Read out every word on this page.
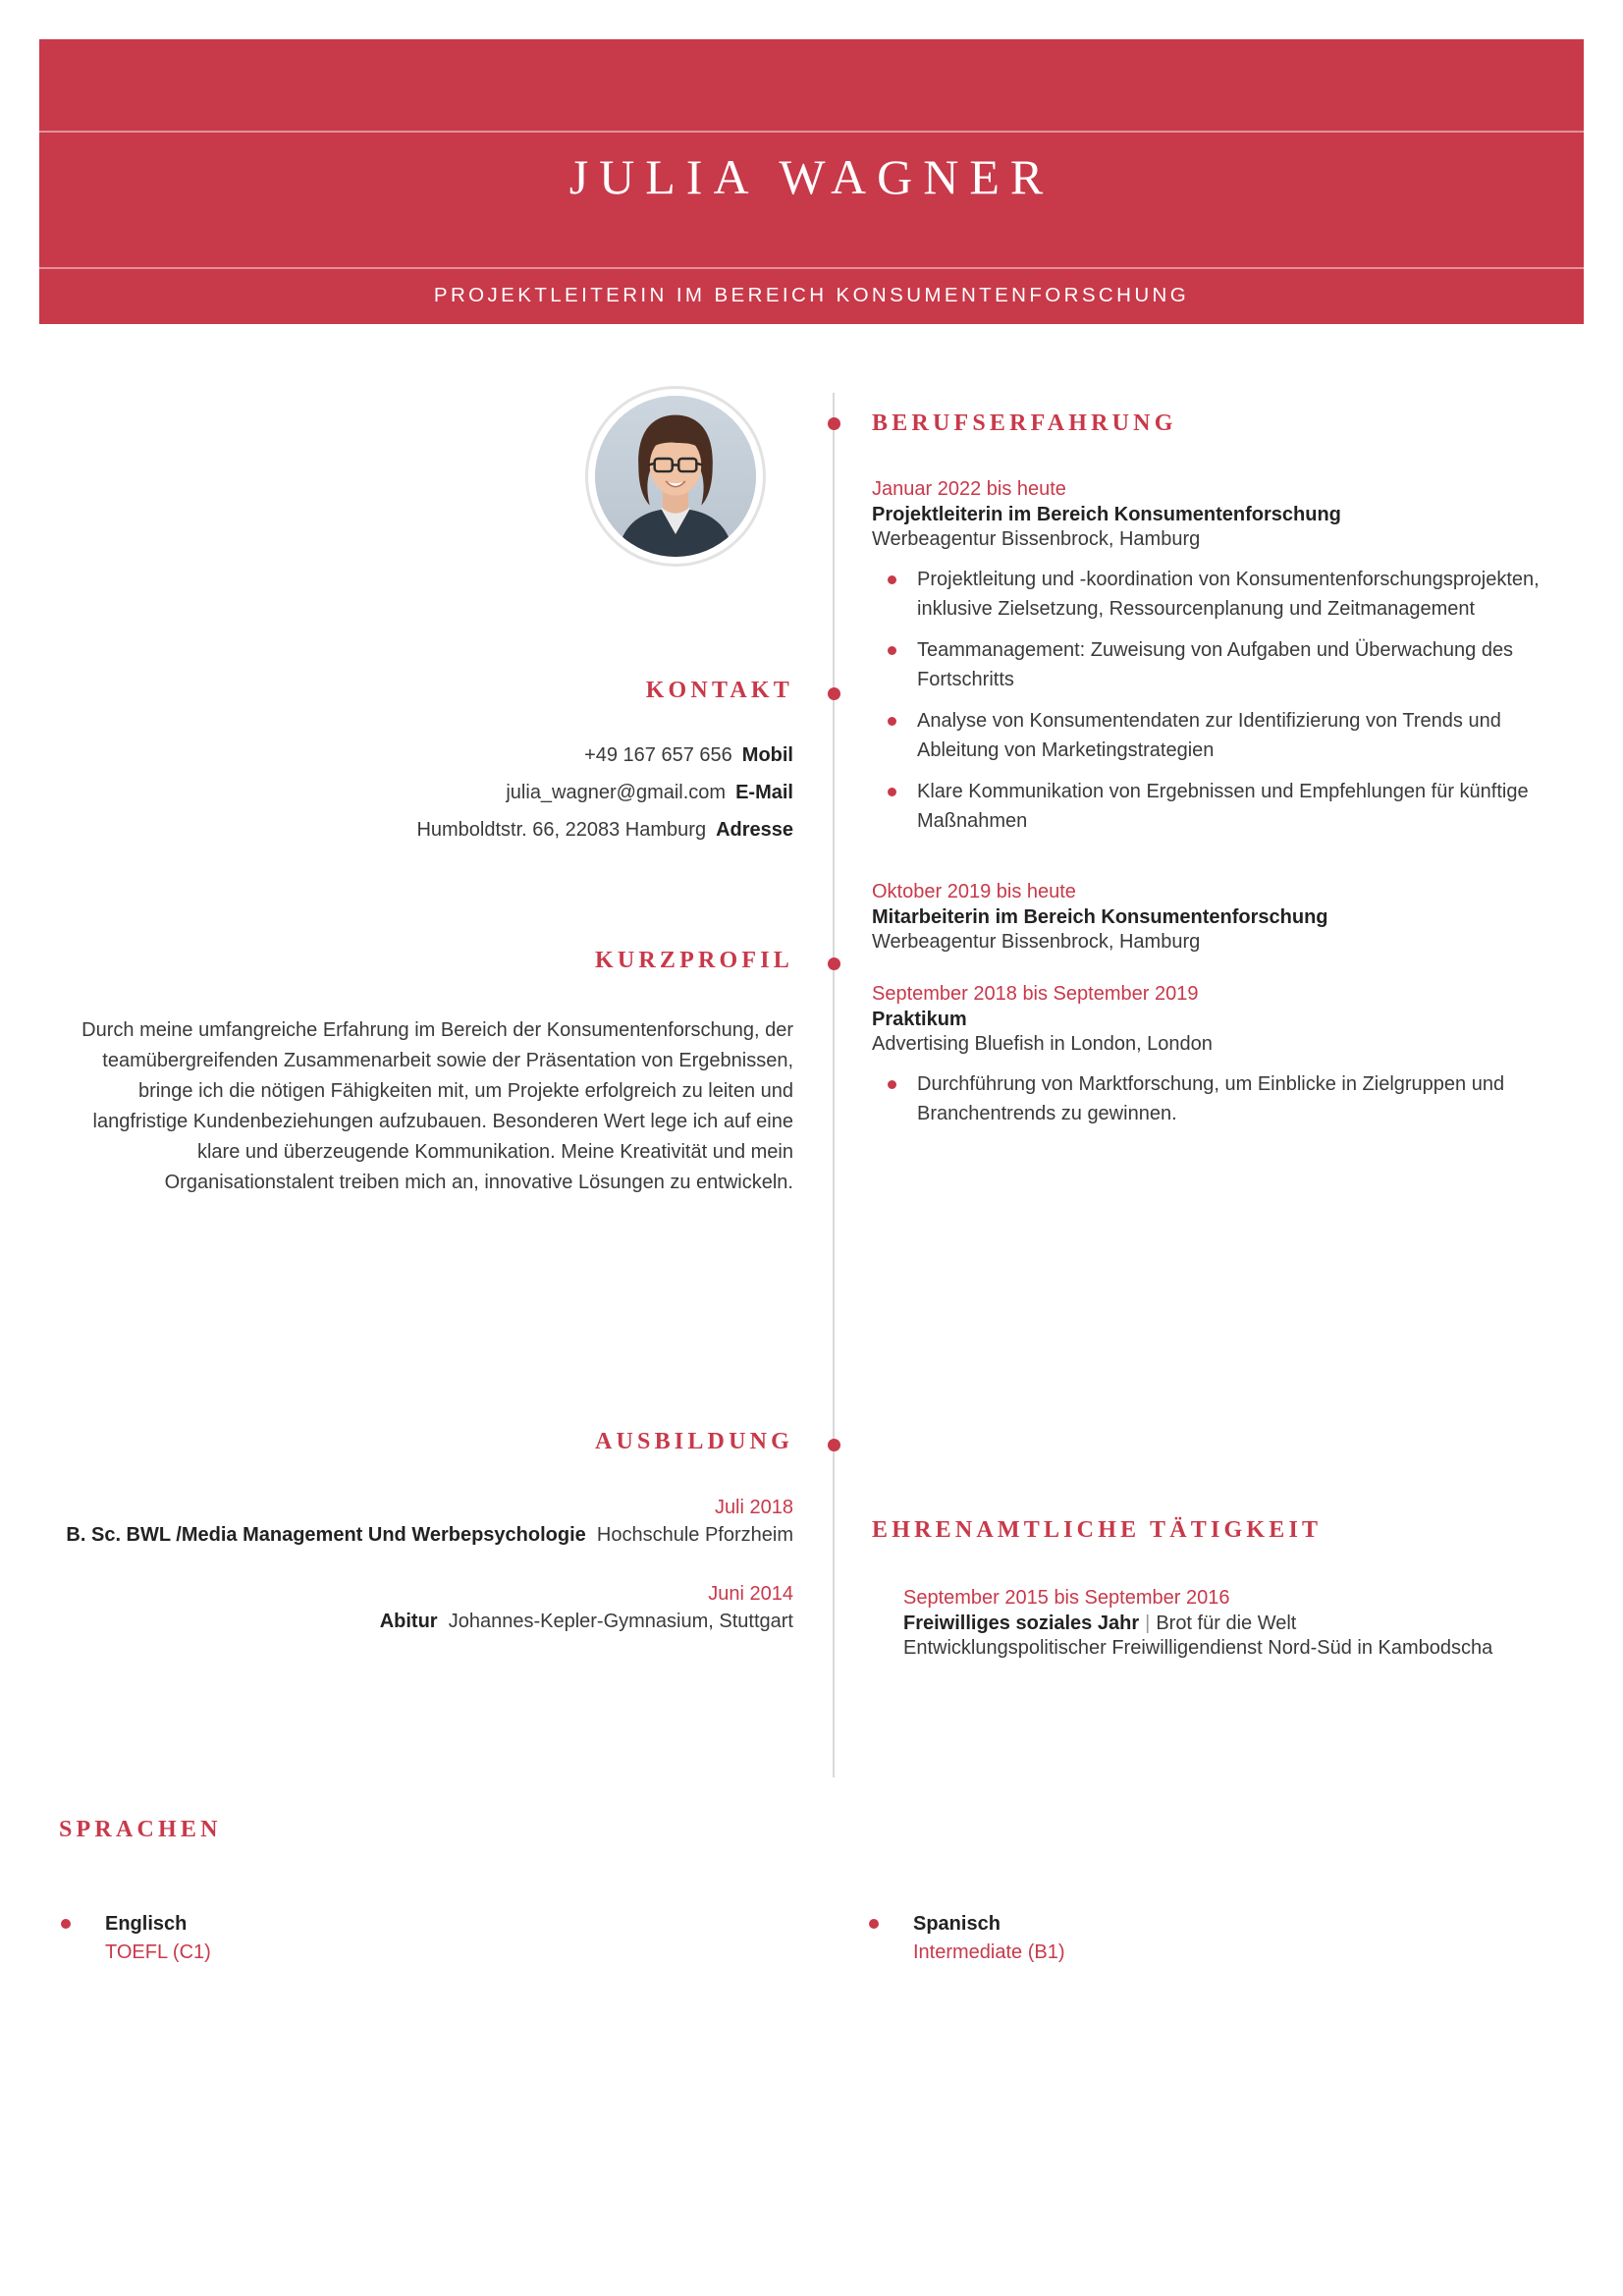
JULIA WAGNER
PROJEKTLEITERIN IM BEREICH KONSUMENTENFORSCHUNG
KONTAKT
+49 167 657 656 Mobil
julia_wagner@gmail.com E-Mail
Humboldtstr. 66, 22083 Hamburg Adresse
KURZPROFIL
Durch meine umfangreiche Erfahrung im Bereich der Konsumentenforschung, der teamübergreifenden Zusammenarbeit sowie der Präsentation von Ergebnissen, bringe ich die nötigen Fähigkeiten mit, um Projekte erfolgreich zu leiten und langfristige Kundenbeziehungen aufzubauen. Besonderen Wert lege ich auf eine klare und überzeugende Kommunikation. Meine Kreativität und mein Organisationstalent treiben mich an, innovative Lösungen zu entwickeln.
AUSBILDUNG
Juli 2018
B. Sc. BWL /Media Management Und Werbepsychologie Hochschule Pforzheim
Juni 2014
Abitur Johannes-Kepler-Gymnasium, Stuttgart
BERUFSERFAHRUNG
Januar 2022 bis heute
Projektleiterin im Bereich Konsumentenforschung
Werbeagentur Bissenbrock, Hamburg
Projektleitung und -koordination von Konsumentenforschungsprojekten, inklusive Zielsetzung, Ressourcenplanung und Zeitmanagement
Teammanagement: Zuweisung von Aufgaben und Überwachung des Fortschritts
Analyse von Konsumentendaten zur Identifizierung von Trends und Ableitung von Marketingstrategien
Klare Kommunikation von Ergebnissen und Empfehlungen für künftige Maßnahmen
Oktober 2019 bis heute
Mitarbeiterin im Bereich Konsumentenforschung
Werbeagentur Bissenbrock, Hamburg
September 2018 bis September 2019
Praktikum
Advertising Bluefish in London, London
Durchführung von Marktforschung, um Einblicke in Zielgruppen und Branchentrends zu gewinnen.
EHRENAMTLICHE TÄTIGKEIT
September 2015 bis September 2016
Freiwilliges soziales Jahr | Brot für die Welt
Entwicklungspolitischer Freiwilligendienst Nord-Süd in Kambodscha
SPRACHEN
Englisch
TOEFL (C1)
Spanisch
Intermediate (B1)
